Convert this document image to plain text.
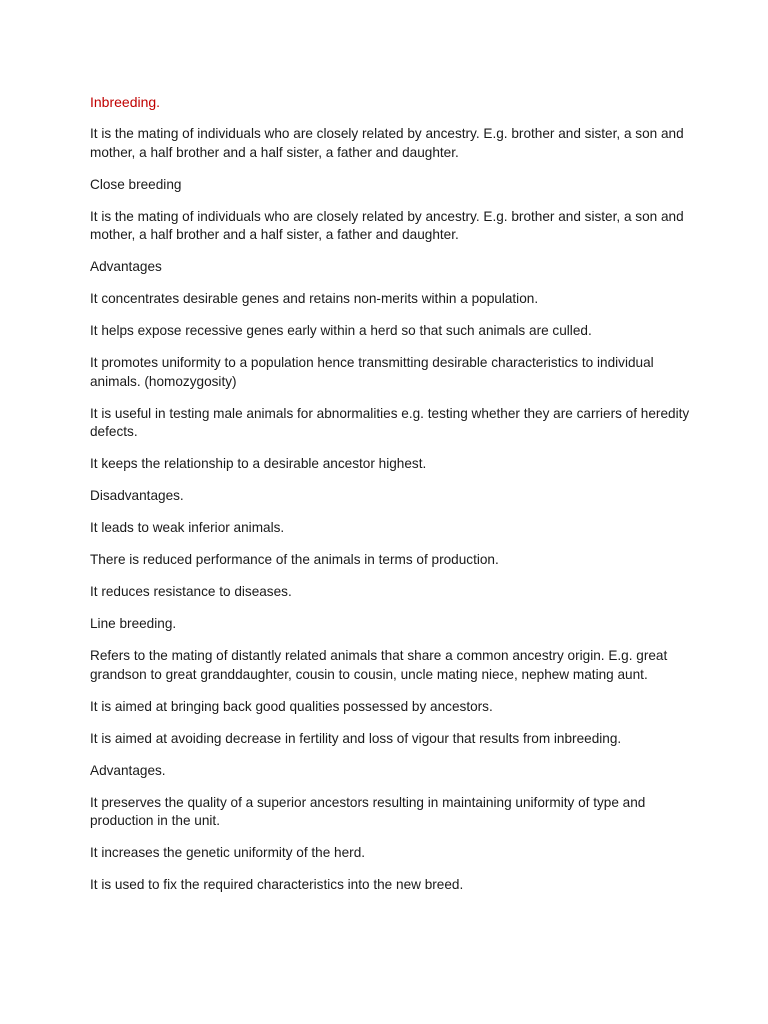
Inbreeding.

It is the mating of individuals who are closely related by ancestry. E.g. brother and sister, a son and mother, a half brother and a half sister, a father and daughter.

Close breeding

It is the mating of individuals who are closely related by ancestry. E.g. brother and sister, a son and mother, a half brother and a half sister, a father and daughter.

Advantages

It concentrates desirable genes and retains non-merits within a population.

It helps expose recessive genes early within a herd so that such animals are culled.

It promotes uniformity to a population hence transmitting desirable characteristics to individual animals. (homozygosity)

It is useful in testing male animals for abnormalities e.g. testing whether they are carriers of heredity defects.

It keeps the relationship to a desirable ancestor highest.

Disadvantages.

It leads to weak inferior animals.

There is reduced performance of the animals in terms of production.

It reduces resistance to diseases.

Line breeding.

Refers to the mating of distantly related animals that share a common ancestry origin. E.g. great grandson to great granddaughter, cousin to cousin, uncle mating niece, nephew mating aunt.

It is aimed at bringing back good qualities possessed by ancestors.

It is aimed at avoiding decrease in fertility and loss of vigour that results from inbreeding.

Advantages.

It preserves the quality of a superior ancestors resulting in maintaining uniformity of type and production in the unit.

It increases the genetic uniformity of the herd.

It is used to fix the required characteristics into the new breed.
